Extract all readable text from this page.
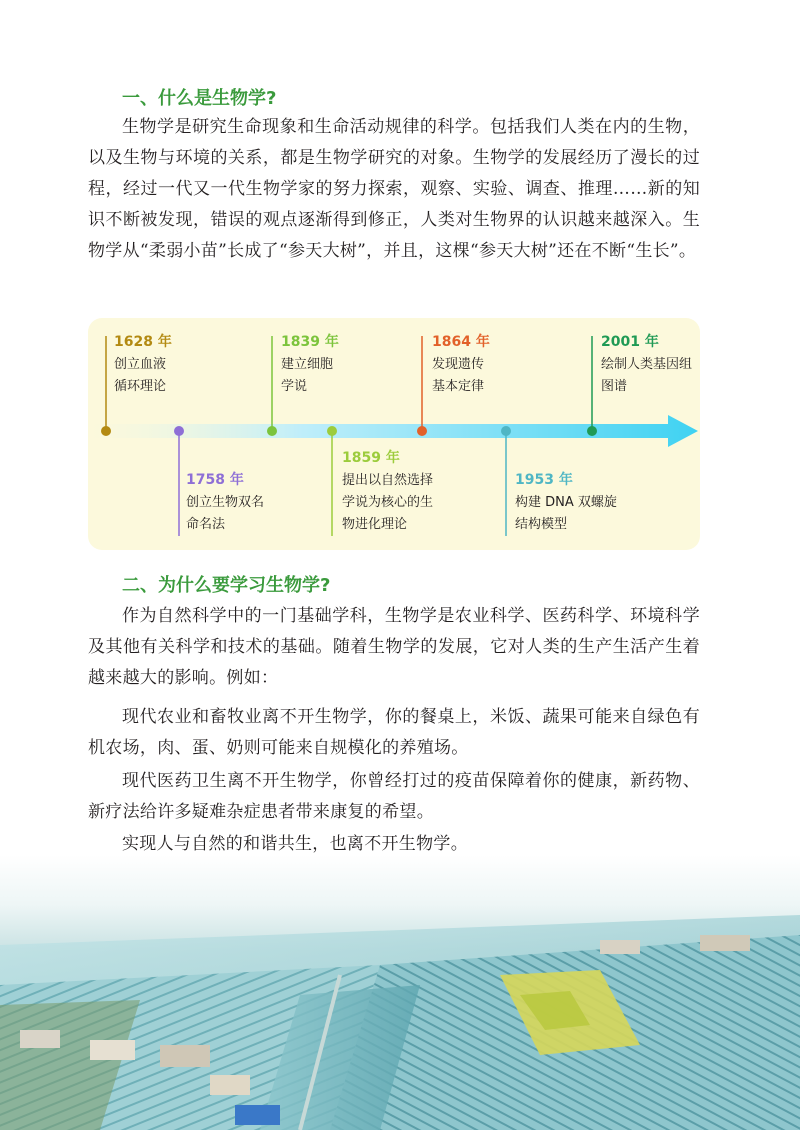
一、什么是生物学?

生物学是研究生命现象和生命活动规律的科学。包括我们人类在内的生物，以及生物与环境的关系，都是生物学研究的对象。生物学的发展经历了漫长的过程，经过一代又一代生物学家的努力探索，观察、实验、调查、推理……新的知识不断被发现，错误的观点逐渐得到修正，人类对生物界的认识越来越深入。生物学从“柔弱小苗”长成了“参天大树”，并且，这棵“参天大树”还在不断“生长”。

1628 年
创立血液
循环理论
1758 年
创立生物双名
命名法
1839 年
建立细胞
学说
1859 年
提出以自然选择
学说为核心的生
物进化理论
1864 年
发现遗传
基本定律
1953 年
构建 DNA 双螺旋
结构模型
2001 年
绘制人类基因组
图谱
二、为什么要学习生物学?

作为自然科学中的一门基础学科，生物学是农业科学、医药科学、环境科学及其他有关科学和技术的基础。随着生物学的发展，它对人类的生产生活产生着越来越大的影响。例如：

现代农业和畜牧业离不开生物学，你的餐桌上，米饭、蔬果可能来自绿色有机农场，肉、蛋、奶则可能来自规模化的养殖场。

现代医药卫生离不开生物学，你曾经打过的疫苗保障着你的健康，新药物、新疗法给许多疑难杂症患者带来康复的希望。

实现人与自然的和谐共生，也离不开生物学。
